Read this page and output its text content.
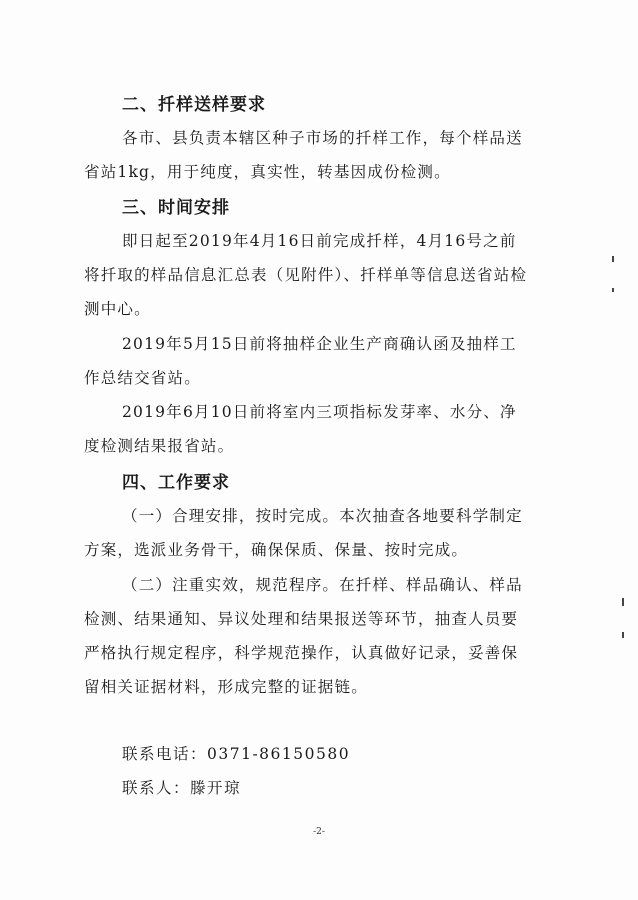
二、扦样送样要求
各市、县负责本辖区种子市场的扦样工作，每个样品送
省站1kg，用于纯度，真实性，转基因成份检测。
三、时间安排
即日起至2019年4月16日前完成扦样，4月16号之前
将扦取的样品信息汇总表（见附件）、扦样单等信息送省站检
测中心。
2019年5月15日前将抽样企业生产商确认函及抽样工
作总结交省站。
2019年6月10日前将室内三项指标发芽率、水分、净
度检测结果报省站。
四、工作要求
（一）合理安排，按时完成。本次抽查各地要科学制定
方案，选派业务骨干，确保保质、保量、按时完成。
（二）注重实效，规范程序。在扦样、样品确认、样品
检测、结果通知、异议处理和结果报送等环节，抽查人员要
严格执行规定程序，科学规范操作，认真做好记录，妥善保
留相关证据材料，形成完整的证据链。
联系电话：0371-86150580
联系人：滕开琼
-2-
